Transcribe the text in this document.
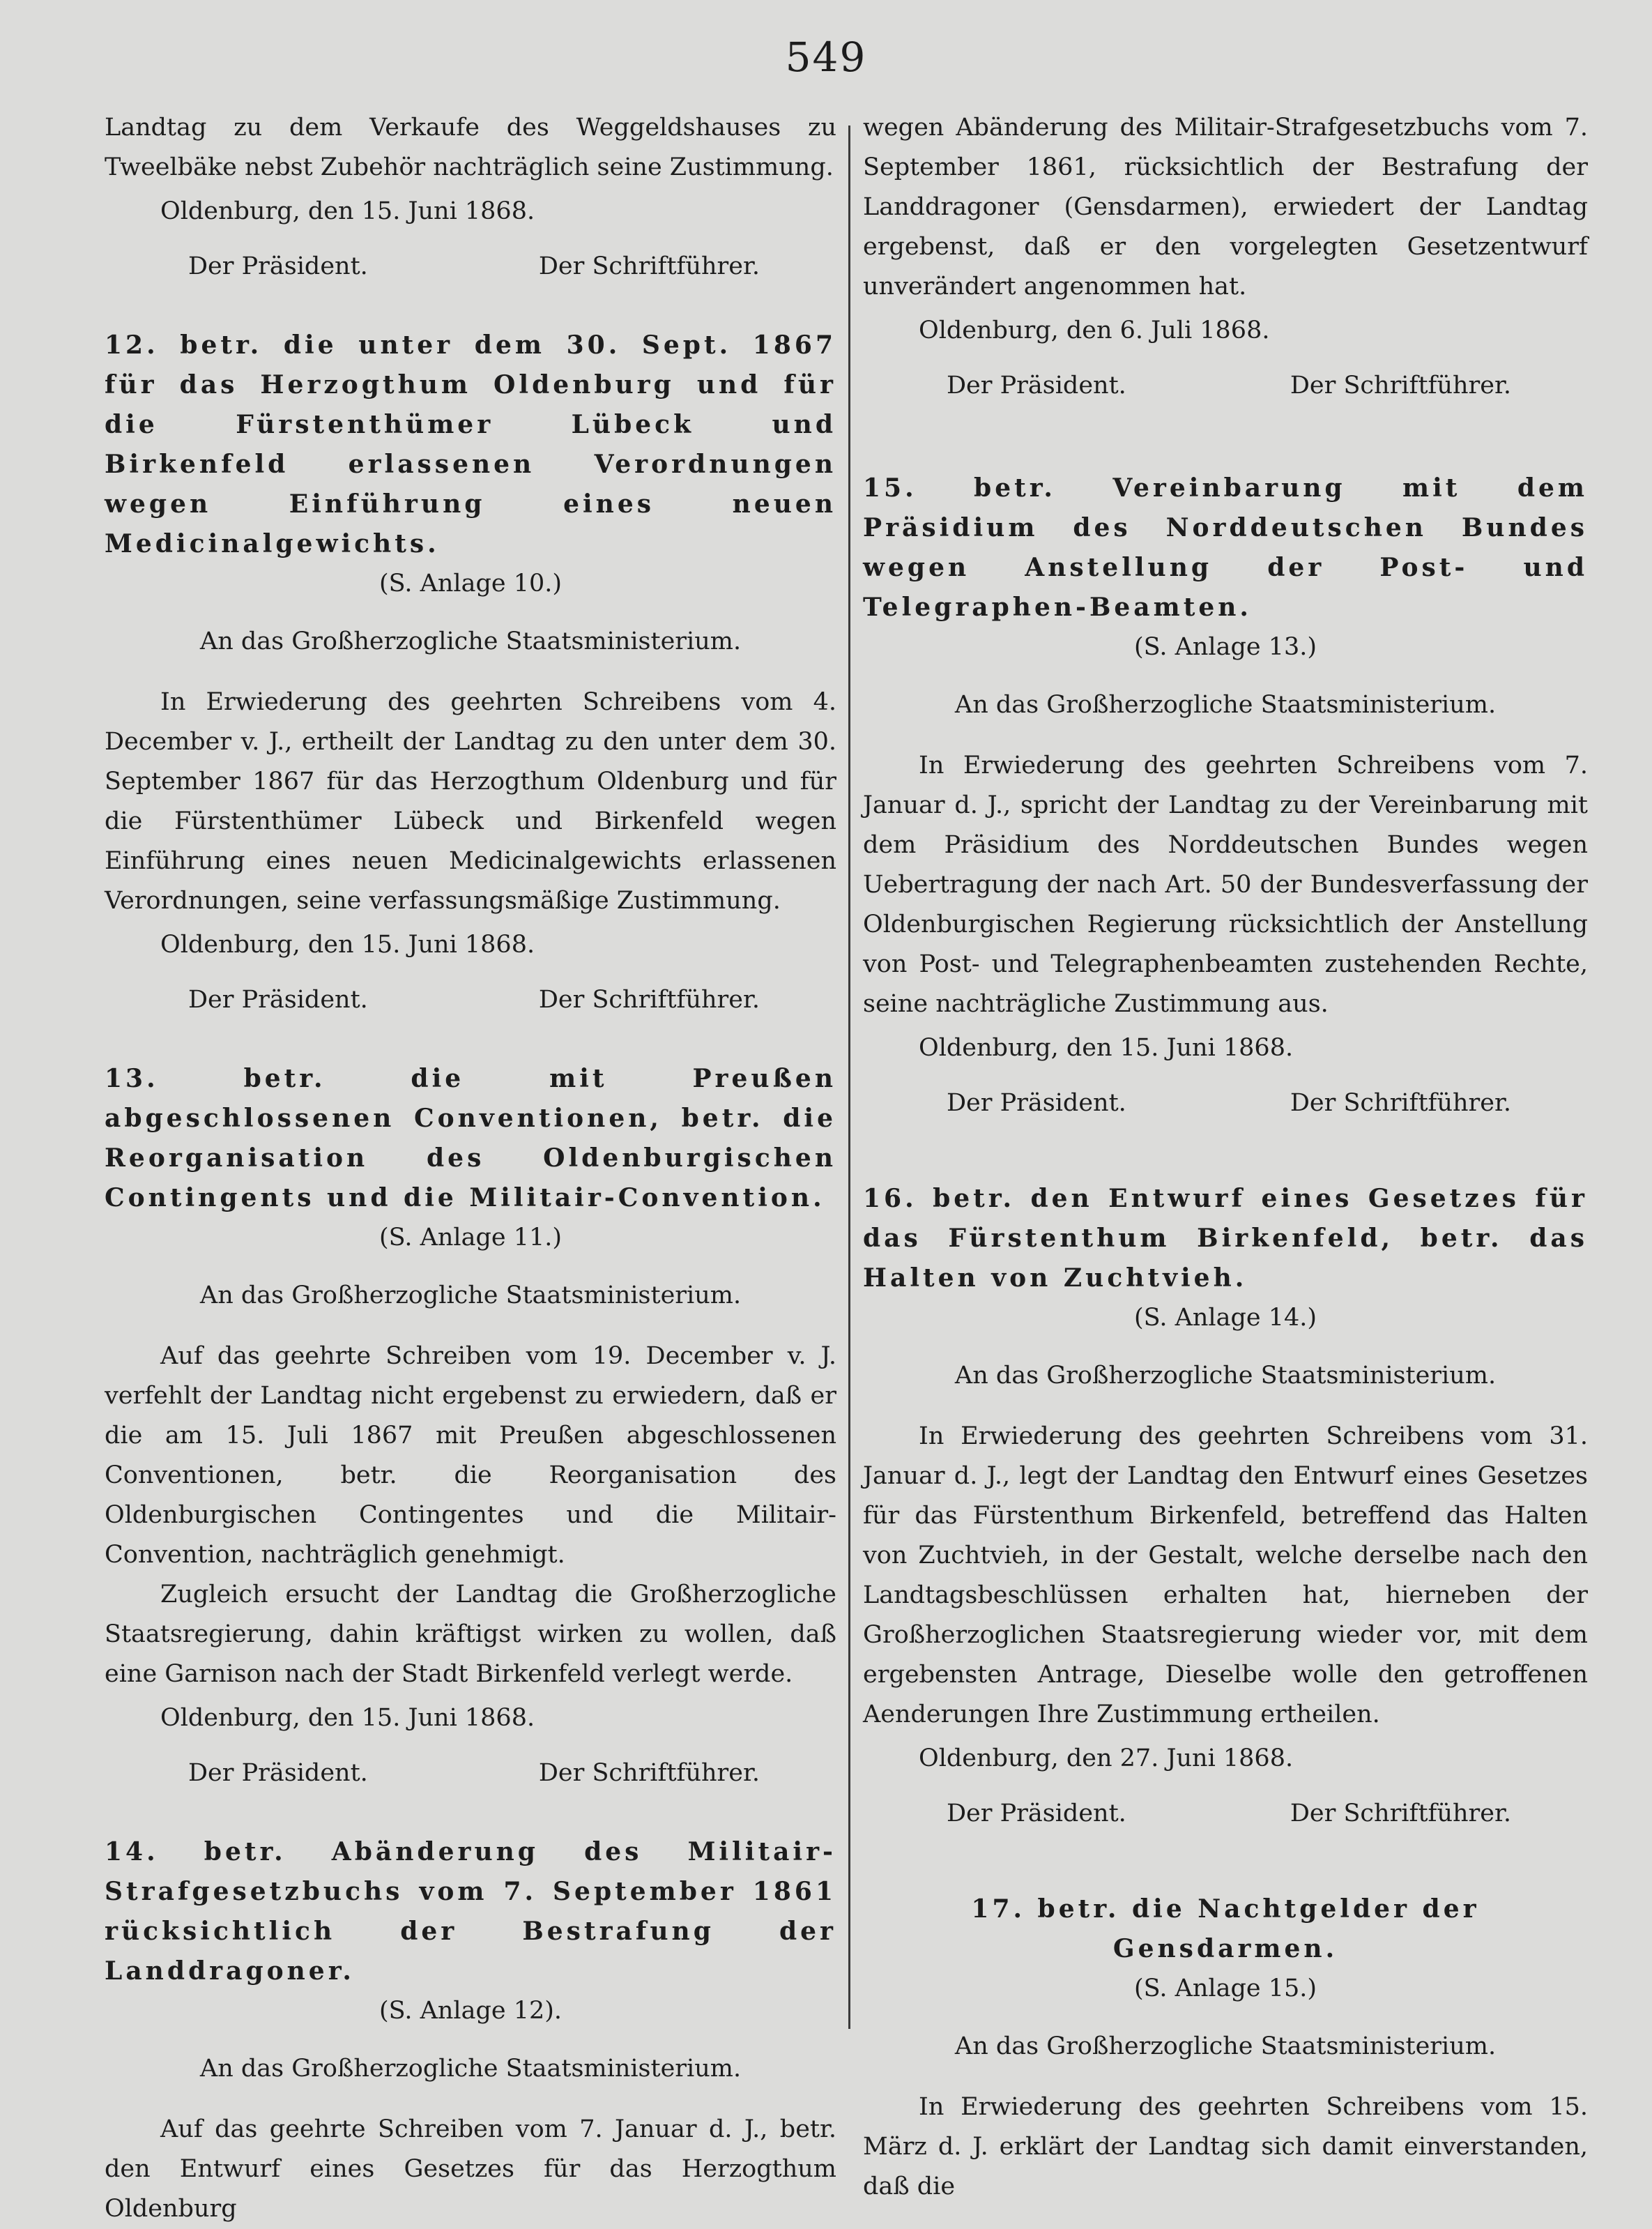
549

Landtag zu dem Verkaufe des Weggeldshauses zu Tweelbäke nebst Zubehör nachträglich seine Zustimmung.

Oldenburg, den 15. Juni 1868.

Der Präsident.	Der Schriftführer.
12. betr. die unter dem 30. Sept. 1867 für das Herzogthum Oldenburg und für die Fürstenthümer Lübeck und Birkenfeld erlassenen Verordnungen wegen Einführung eines neuen Medicinalgewichts.
(S. Anlage 10.)
An das Großherzogliche Staatsministerium.

In Erwiederung des geehrten Schreibens vom 4. December v. J., ertheilt der Landtag zu den unter dem 30. September 1867 für das Herzogthum Oldenburg und für die Fürstenthümer Lübeck und Birkenfeld wegen Einführung eines neuen Medicinalgewichts erlassenen Verordnungen, seine verfassungsmäßige Zustimmung.

Oldenburg, den 15. Juni 1868.

Der Präsident.	Der Schriftführer.
13. betr. die mit Preußen abgeschlossenen Conventionen, betr. die Reorganisation des Oldenburgischen Contingents und die Militair-Convention.
(S. Anlage 11.)
An das Großherzogliche Staatsministerium.

Auf das geehrte Schreiben vom 19. December v. J. verfehlt der Landtag nicht ergebenst zu erwiedern, daß er die am 15. Juli 1867 mit Preußen abgeschlossenen Conventionen, betr. die Reorganisation des Oldenburgischen Contingentes und die Militair-Convention, nachträglich genehmigt.

Zugleich ersucht der Landtag die Großherzogliche Staatsregierung, dahin kräftigst wirken zu wollen, daß eine Garnison nach der Stadt Birkenfeld verlegt werde.

Oldenburg, den 15. Juni 1868.

Der Präsident.	Der Schriftführer.
14. betr. Abänderung des Militair-Strafgesetzbuchs vom 7. September 1861 rücksichtlich der Bestrafung der Landdragoner.
(S. Anlage 12).
An das Großherzogliche Staatsministerium.

Auf das geehrte Schreiben vom 7. Januar d. J., betr. den Entwurf eines Gesetzes für das Herzogthum Oldenburg

wegen Abänderung des Militair-Strafgesetzbuchs vom 7. September 1861, rücksichtlich der Bestrafung der Landdragoner (Gensdarmen), erwiedert der Landtag ergebenst, daß er den vorgelegten Gesetzentwurf unverändert angenommen hat.

Oldenburg, den 6. Juli 1868.

Der Präsident.	Der Schriftführer.
15. betr. Vereinbarung mit dem Präsidium des Norddeutschen Bundes wegen Anstellung der Post- und Telegraphen-Beamten.
(S. Anlage 13.)
An das Großherzogliche Staatsministerium.

In Erwiederung des geehrten Schreibens vom 7. Januar d. J., spricht der Landtag zu der Vereinbarung mit dem Präsidium des Norddeutschen Bundes wegen Uebertragung der nach Art. 50 der Bundesverfassung der Oldenburgischen Regierung rücksichtlich der Anstellung von Post- und Telegraphenbeamten zustehenden Rechte, seine nachträgliche Zustimmung aus.

Oldenburg, den 15. Juni 1868.

Der Präsident.	Der Schriftführer.
16. betr. den Entwurf eines Gesetzes für das Fürstenthum Birkenfeld, betr. das Halten von Zuchtvieh.
(S. Anlage 14.)
An das Großherzogliche Staatsministerium.

In Erwiederung des geehrten Schreibens vom 31. Januar d. J., legt der Landtag den Entwurf eines Gesetzes für das Fürstenthum Birkenfeld, betreffend das Halten von Zuchtvieh, in der Gestalt, welche derselbe nach den Landtagsbeschlüssen erhalten hat, hierneben der Großherzoglichen Staatsregierung wieder vor, mit dem ergebensten Antrage, Dieselbe wolle den getroffenen Aenderungen Ihre Zustimmung ertheilen.

Oldenburg, den 27. Juni 1868.

Der Präsident.	Der Schriftführer.
17. betr. die Nachtgelder der Gensdarmen.
(S. Anlage 15.)
An das Großherzogliche Staatsministerium.

In Erwiederung des geehrten Schreibens vom 15. März d. J. erklärt der Landtag sich damit einverstanden, daß die
